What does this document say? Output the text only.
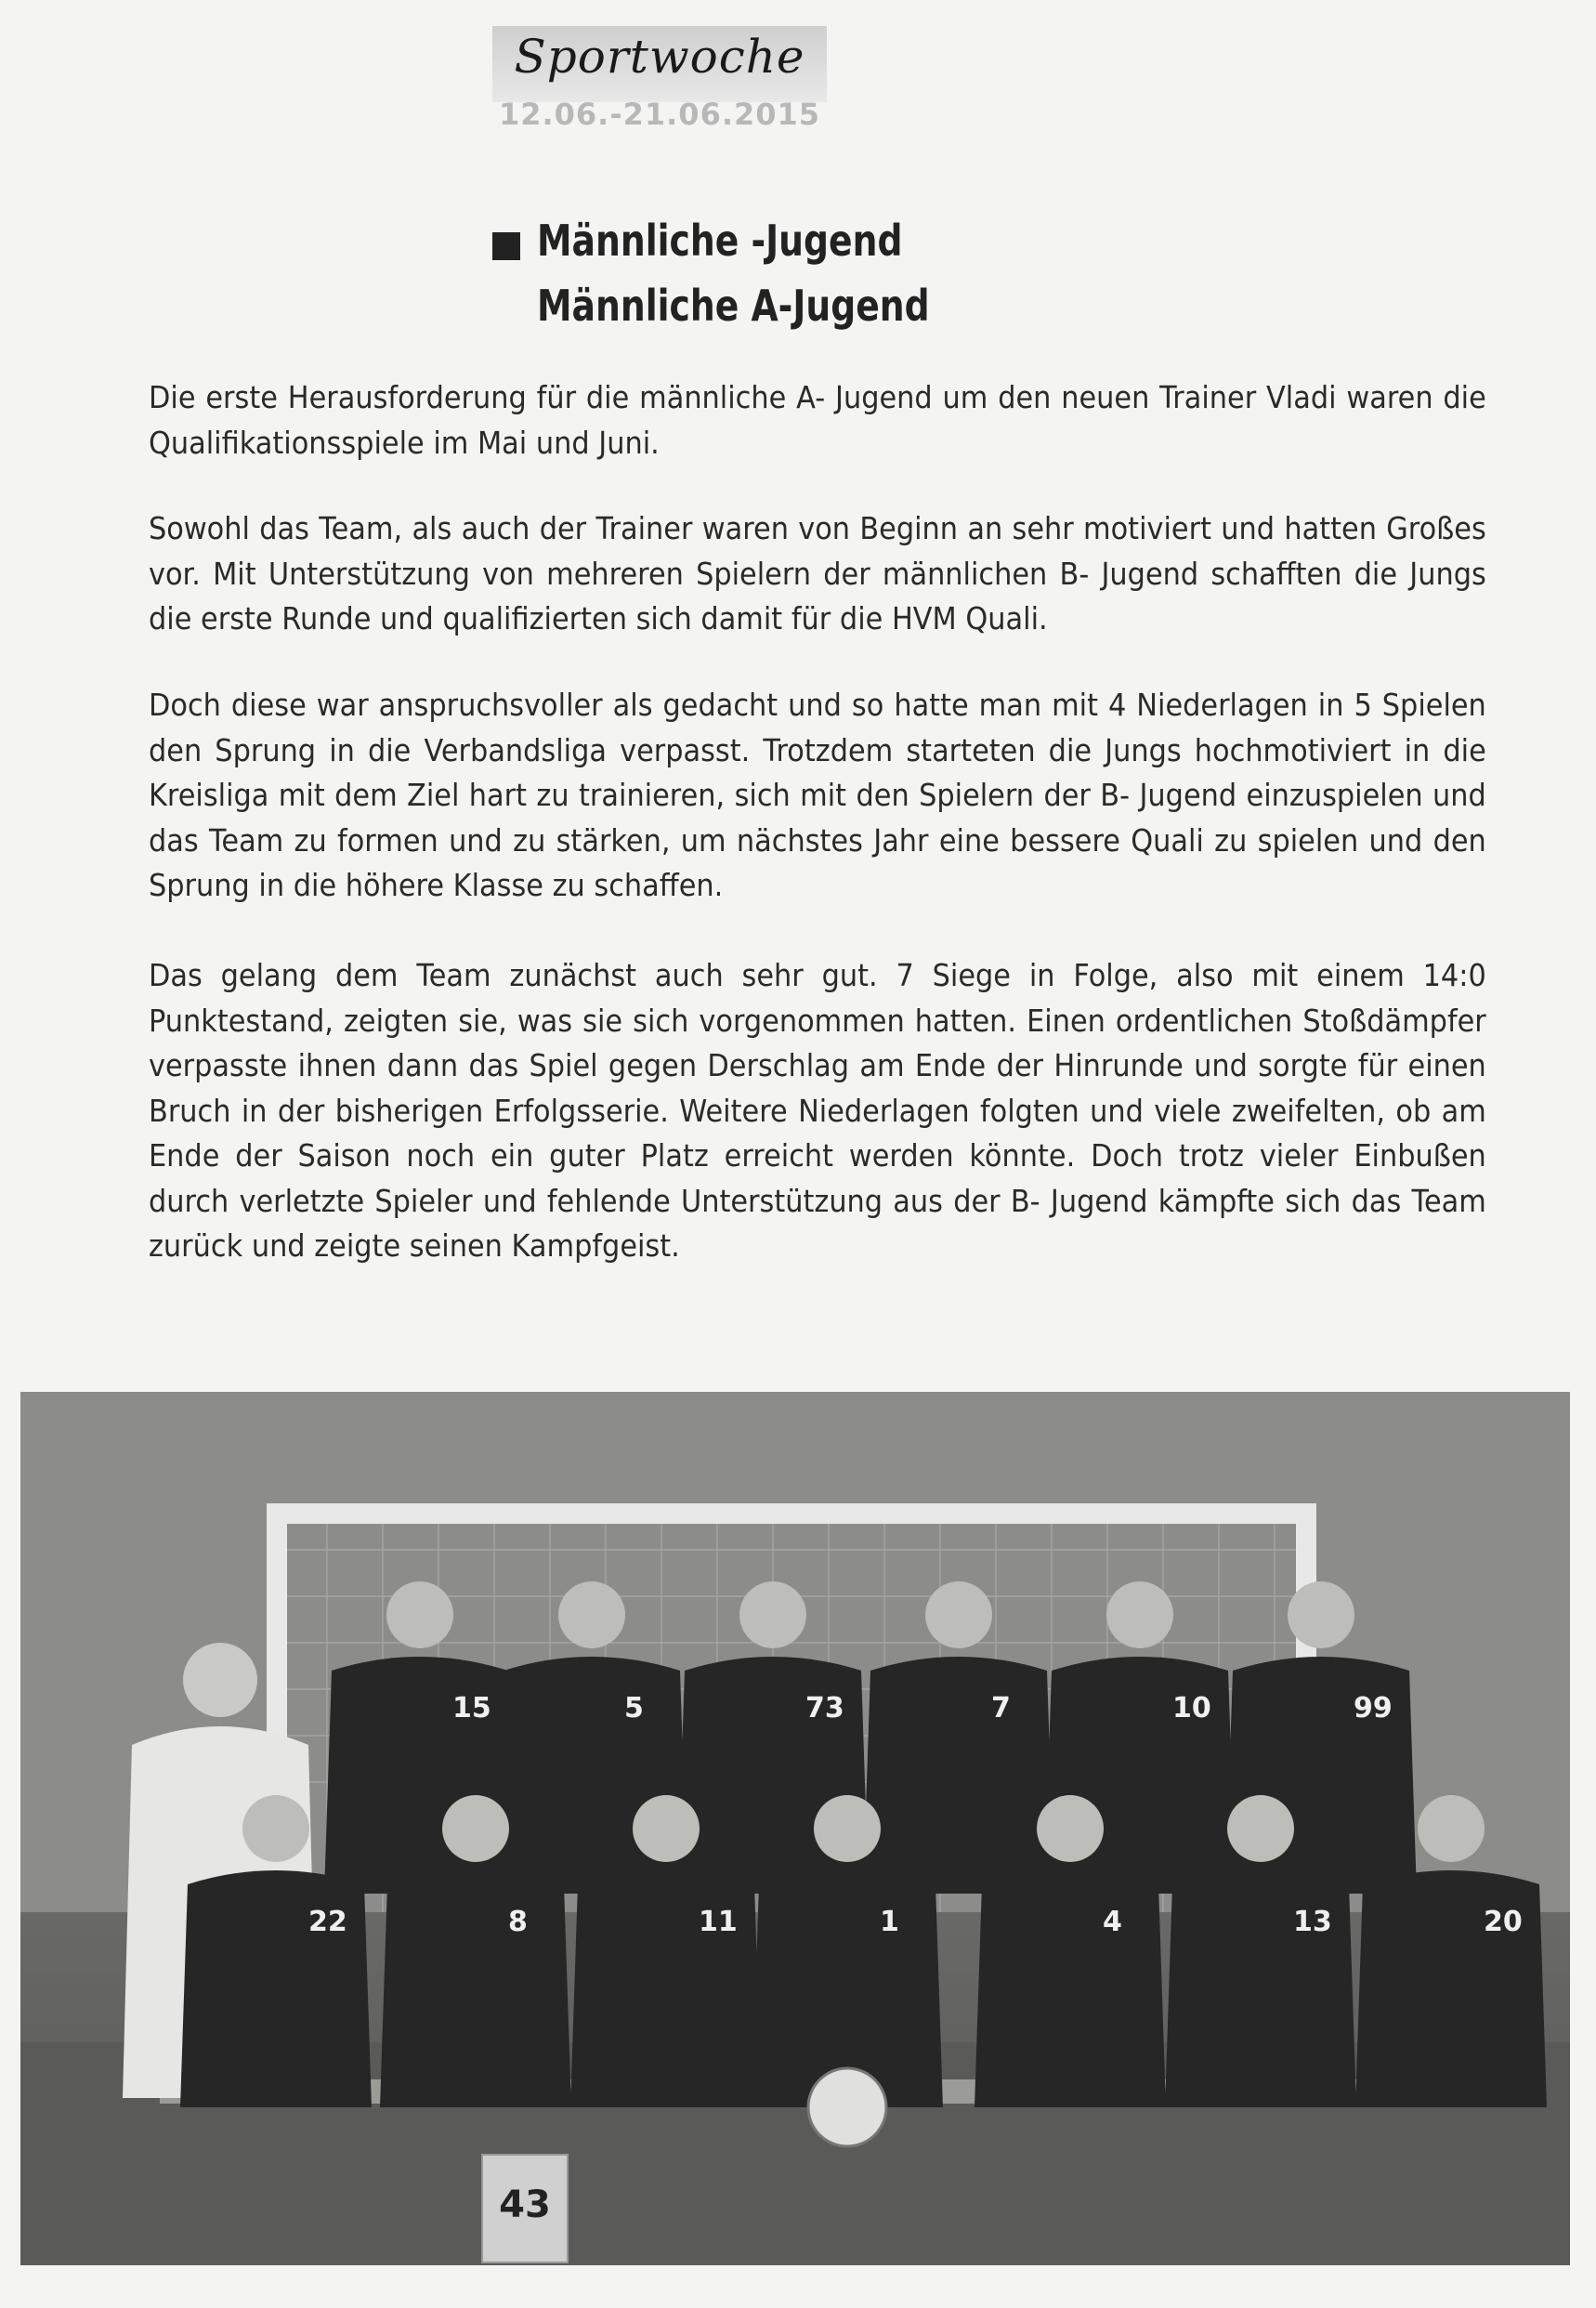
Sportwoche
12.06.-21.06.2015
Männliche -Jugend
Männliche A-Jugend

Die erste Herausforderung für die männliche A- Jugend um den neuen Trainer Vladi waren die Qualifikationsspiele im Mai und Juni.

Sowohl das Team, als auch der Trainer waren von Beginn an sehr motiviert und hatten Großes vor. Mit Unterstützung von mehreren Spielern der männlichen B- Jugend schafften die Jungs die erste Runde und qualifizierten sich damit für die HVM Quali.

Doch diese war anspruchsvoller als gedacht und so hatte man mit 4 Niederlagen in 5 Spielen den Sprung in die Verbandsliga verpasst. Trotzdem starteten die Jungs hochmotiviert in die Kreisliga mit dem Ziel hart zu trainieren, sich mit den Spielern der B- Jugend einzuspielen und das Team zu formen und zu stärken, um nächstes Jahr eine bessere Quali zu spielen und den Sprung in die höhere Klasse zu schaffen.

Das gelang dem Team zunächst auch sehr gut. 7 Siege in Folge, also mit einem 14:0 Punktestand, zeigten sie, was sie sich vorgenommen hatten. Einen ordentlichen Stoßdämpfer verpasste ihnen dann das Spiel gegen Derschlag am Ende der Hinrunde und sorgte für einen Bruch in der bisherigen Erfolgsserie. Weitere Niederlagen folgten und viele zweifelten, ob am Ende der Saison noch ein guter Platz erreicht werden könnte. Doch trotz vieler Einbußen durch verletzte Spieler und fehlende Unterstützung aus der B- Jugend kämpfte sich das Team zurück und zeigte seinen Kampfgeist.

15	5	73	7	10	99
22	8	11	1	4	13	20
43
